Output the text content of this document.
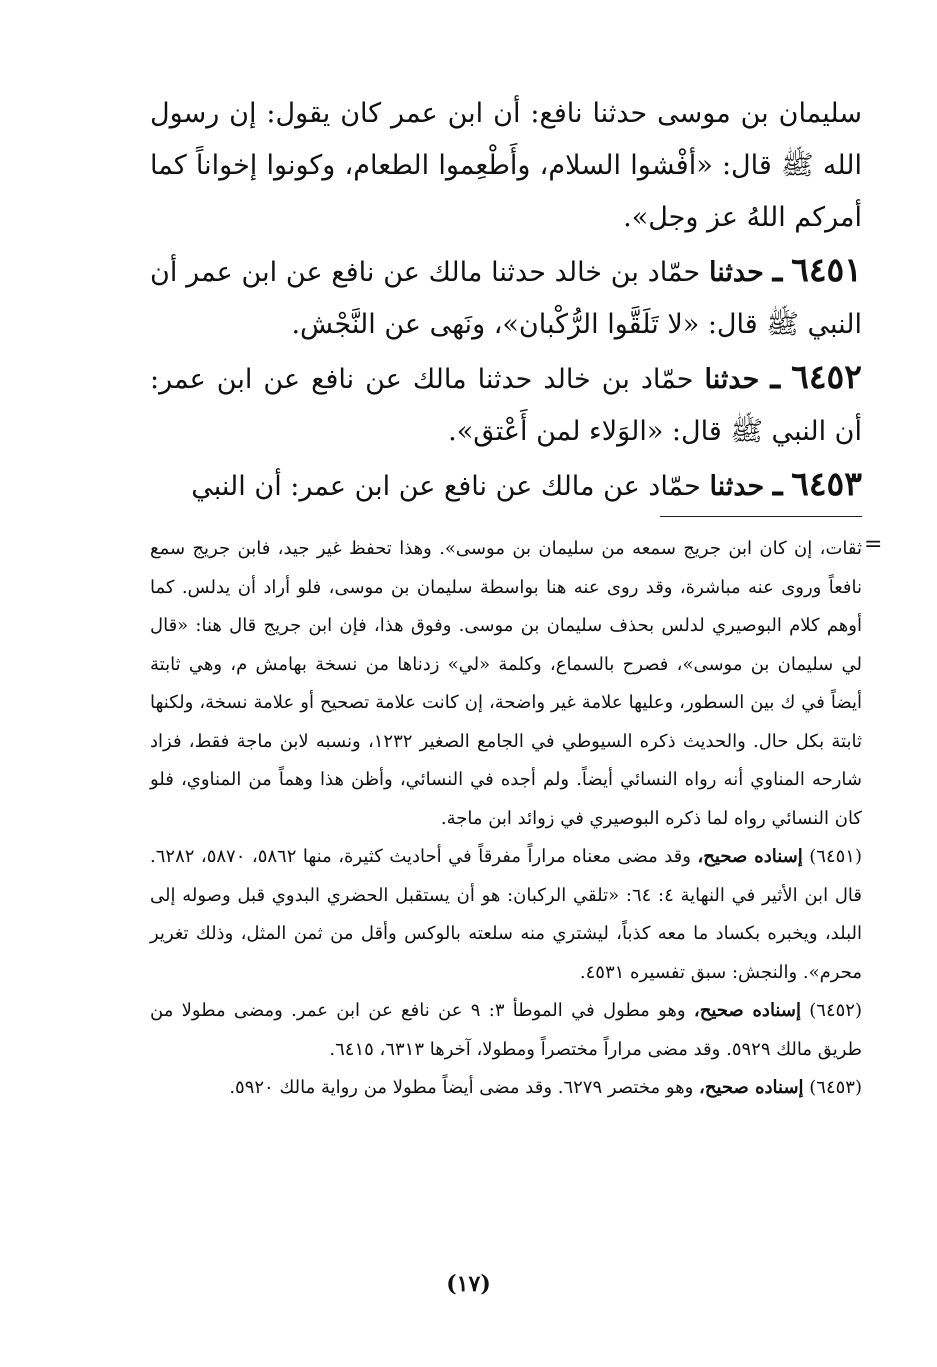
سليمان بن موسى حدثنا نافع: أن ابن عمر كان يقول: إن رسول الله ﷺ قال: «أفْشوا السلام، وأَطْعِموا الطعام، وكونوا إخواناً كما أمركم اللهُ عز وجل».

٦٤٥١ ـ حدثنا حمّاد بن خالد حدثنا مالك عن نافع عن ابن عمر أن النبي ﷺ قال: «لا تَلَقَّوا الرُّكْبان»، ونَهى عن النَّجْش.

٦٤٥٢ ـ حدثنا حمّاد بن خالد حدثنا مالك عن نافع عن ابن عمر: أن النبي ﷺ قال: «الوَلاء لمن أَعْتق».

٦٤٥٣ ـ حدثنا حمّاد عن مالك عن نافع عن ابن عمر: أن النبي

=

ثقات، إن كان ابن جريج سمعه من سليمان بن موسى». وهذا تحفظ غير جيد، فابن جريج سمع نافعاً وروى عنه مباشرة، وقد روى عنه هنا بواسطة سليمان بن موسى، فلو أراد أن يدلس. كما أوهم كلام البوصيري لدلس بحذف سليمان بن موسى. وفوق هذا، فإن ابن جريج قال هنا: «قال لي سليمان بن موسى»، فصرح بالسماع، وكلمة «لي» زدناها من نسخة بهامش م، وهي ثابتة أيضاً في ك بين السطور، وعليها علامة غير واضحة، إن كانت علامة تصحيح أو علامة نسخة، ولكنها ثابتة بكل حال. والحديث ذكره السيوطي في الجامع الصغير ١٢٣٢، ونسبه لابن ماجة فقط، فزاد شارحه المناوي أنه رواه النسائي أيضاً. ولم أجده في النسائي، وأظن هذا وهماً من المناوي، فلو كان النسائي رواه لما ذكره البوصيري في زوائد ابن ماجة.

(٦٤٥١) إسناده صحيح، وقد مضى معناه مراراً مفرقاً في أحاديث كثيرة، منها ٥٨٦٢، ٥٨٧٠، ٦٢٨٢. قال ابن الأثير في النهاية ٤: ٦٤: «تلقي الركبان: هو أن يستقبل الحضري البدوي قبل وصوله إلى البلد، ويخبره بكساد ما معه كذباً، ليشتري منه سلعته بالوكس وأقل من ثمن المثل، وذلك تغرير محرم». والنجش: سبق تفسيره ٤٥٣١.

(٦٤٥٢) إسناده صحيح، وهو مطول في الموطأ ٣: ٩ عن نافع عن ابن عمر. ومضى مطولا من طريق مالك ٥٩٢٩. وقد مضى مراراً مختصراً ومطولا، آخرها ٦٣١٣، ٦٤١٥.

(٦٤٥٣) إسناده صحيح، وهو مختصر ٦٢٧٩. وقد مضى أيضاً مطولا من رواية مالك ٥٩٢٠.

(١٧)
